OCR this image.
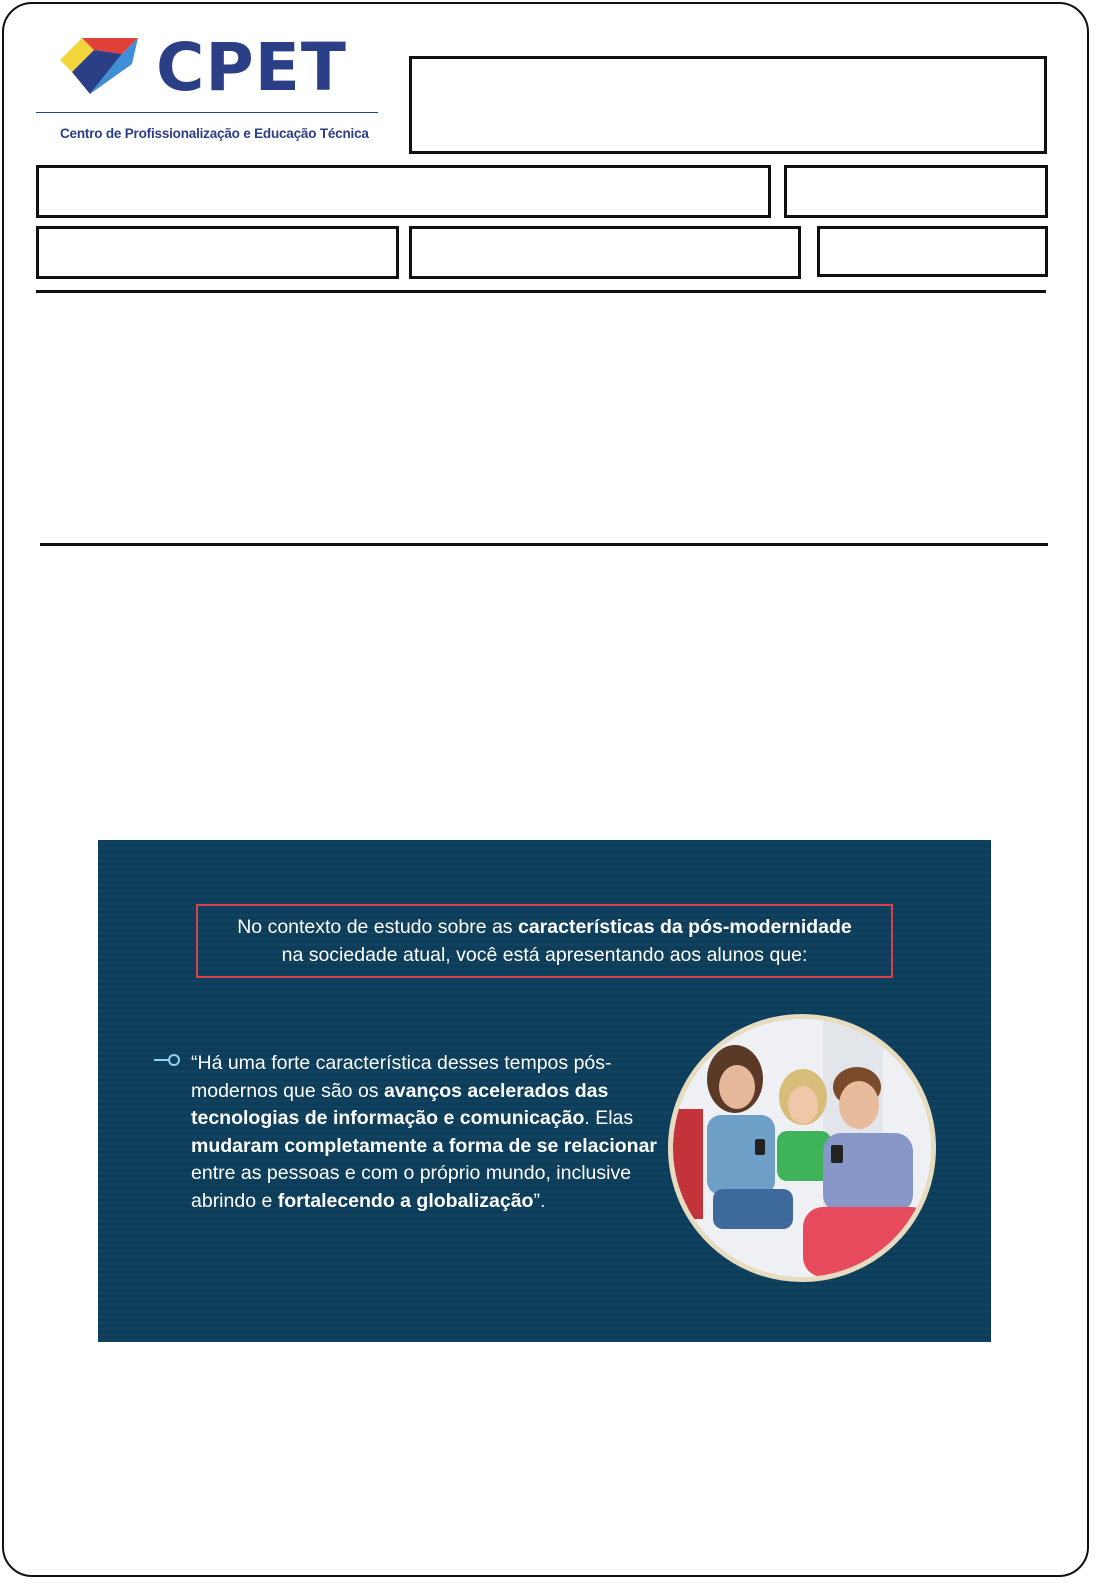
CPET
Centro de Profissionalização e Educação Técnica
No contexto de estudo sobre as características da pós-modernidade
na sociedade atual, você está apresentando aos alunos que:
“Há uma forte característica desses tempos pós-modernos que são os avanços acelerados das tecnologias de informação e comunicação. Elas mudaram completamente a forma de se relacionar entre as pessoas e com o próprio mundo, inclusive abrindo e fortalecendo a globalização”.
